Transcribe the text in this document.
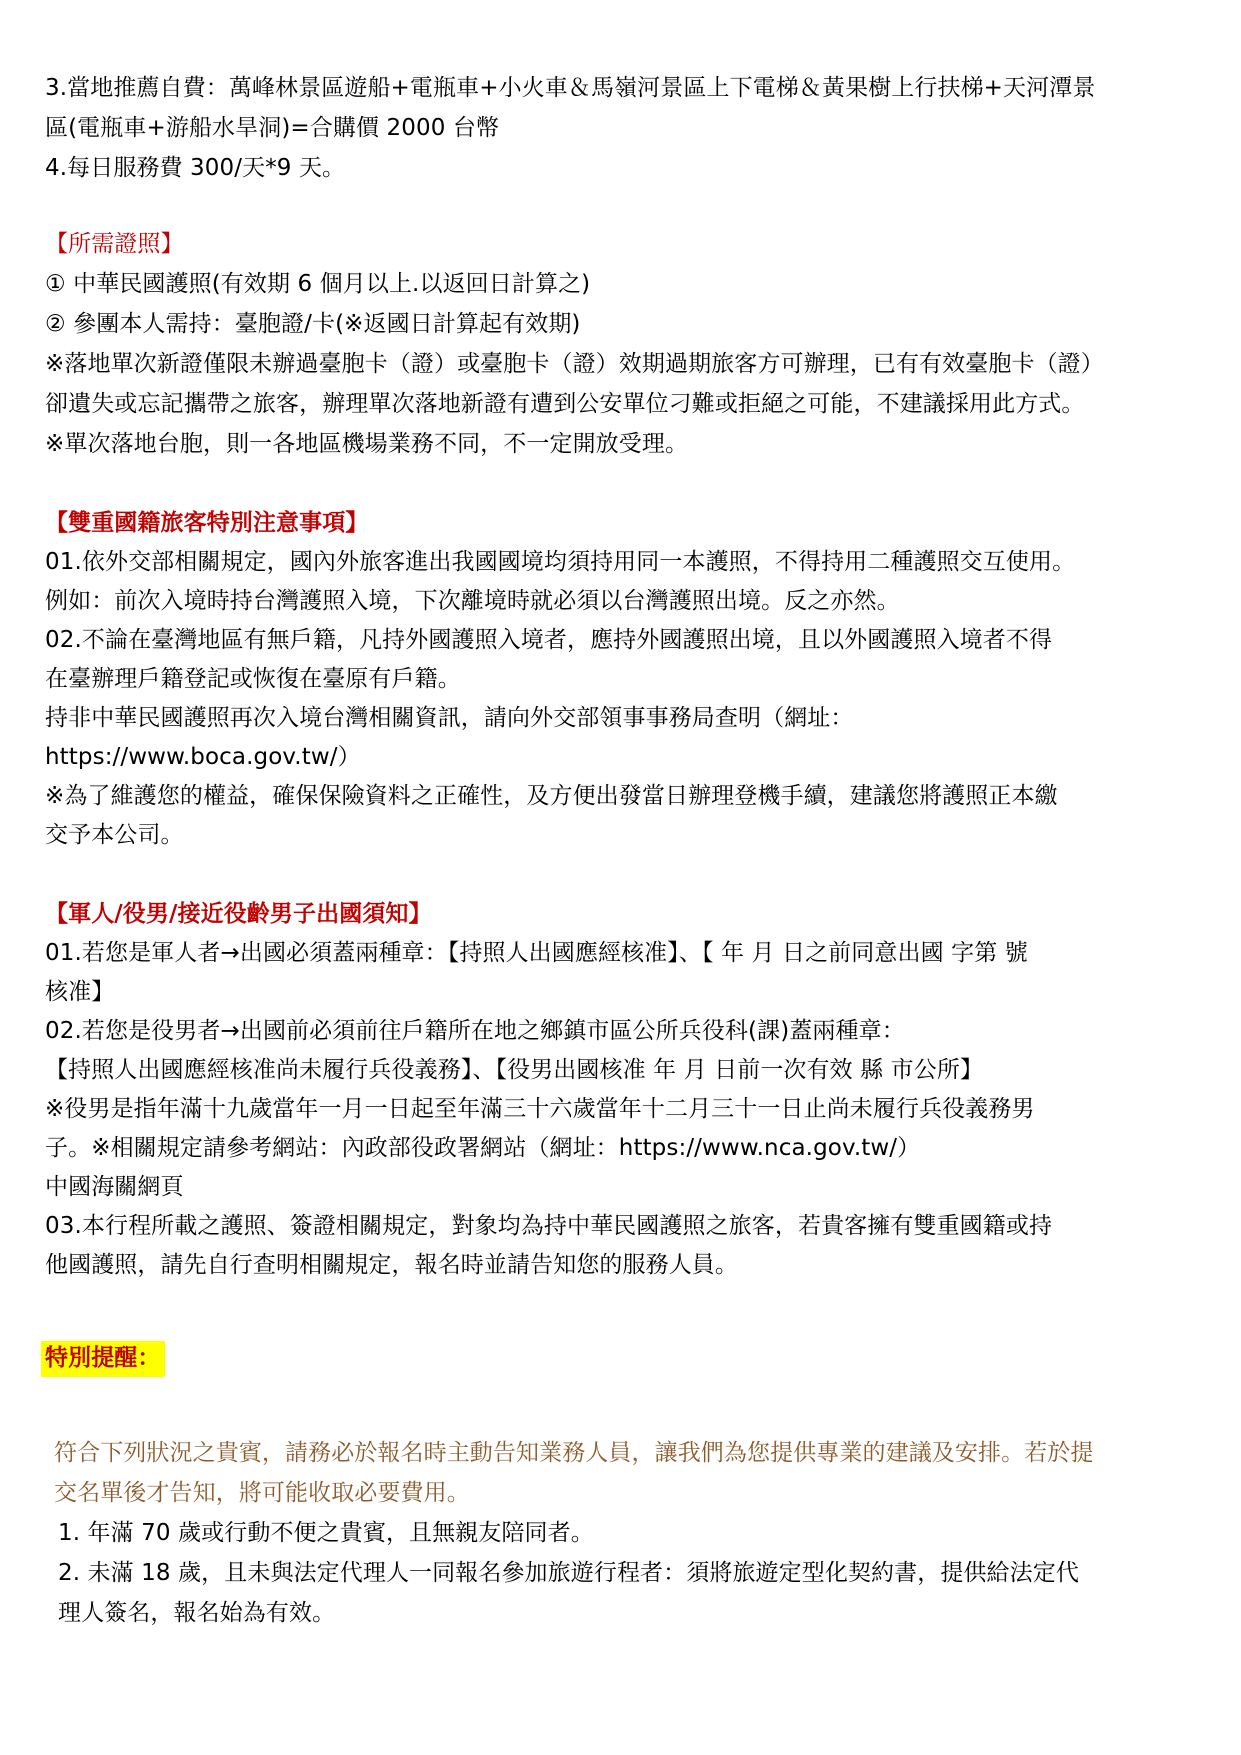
3.當地推薦自費：萬峰林景區遊船+電瓶車+小火車＆馬嶺河景區上下電梯＆黃果樹上行扶梯+天河潭景
區(電瓶車+游船水旱洞)=合購價 2000 台幣
4.每日服務費 300/天*9 天。
【所需證照】
① 中華民國護照(有效期 6 個月以上.以返回日計算之)
② 參團本人需持：臺胞證/卡(※返國日計算起有效期)
※落地單次新證僅限未辦過臺胞卡（證）或臺胞卡（證）效期過期旅客方可辦理，已有有效臺胞卡（證）
卻遺失或忘記攜帶之旅客，辦理單次落地新證有遭到公安單位刁難或拒絕之可能，不建議採用此方式。
※單次落地台胞，則一各地區機場業務不同，不一定開放受理。
【雙重國籍旅客特別注意事項】
01.依外交部相關規定，國內外旅客進出我國國境均須持用同一本護照，不得持用二種護照交互使用。
例如：前次入境時持台灣護照入境，下次離境時就必須以台灣護照出境。反之亦然。
02.不論在臺灣地區有無戶籍，凡持外國護照入境者，應持外國護照出境，且以外國護照入境者不得
在臺辦理戶籍登記或恢復在臺原有戶籍。
持非中華民國護照再次入境台灣相關資訊，請向外交部領事事務局查明（網址：
https://www.boca.gov.tw/）
※為了維護您的權益，確保保險資料之正確性，及方便出發當日辦理登機手續，建議您將護照正本繳
交予本公司。
【軍人/役男/接近役齡男子出國須知】
01.若您是軍人者→出國必須蓋兩種章：【持照人出國應經核准】、【 年 月 日之前同意出國 字第 號
核准】
02.若您是役男者→出國前必須前往戶籍所在地之鄉鎮市區公所兵役科(課)蓋兩種章：
【持照人出國應經核准尚未履行兵役義務】、【役男出國核准 年 月 日前一次有效 縣 市公所】
※役男是指年滿十九歲當年一月一日起至年滿三十六歲當年十二月三十一日止尚未履行兵役義務男
子。※相關規定請參考網站：內政部役政署網站（網址：https://www.nca.gov.tw/）
中國海關網頁
03.本行程所載之護照、簽證相關規定，對象均為持中華民國護照之旅客，若貴客擁有雙重國籍或持
他國護照，請先自行查明相關規定，報名時並請告知您的服務人員。
特別提醒：
符合下列狀況之貴賓，請務必於報名時主動告知業務人員，讓我們為您提供專業的建議及安排。若於提
交名單後才告知，將可能收取必要費用。
1. 年滿 70 歲或行動不便之貴賓，且無親友陪同者。
2. 未滿 18 歲，且未與法定代理人一同報名參加旅遊行程者：須將旅遊定型化契約書，提供給法定代
理人簽名，報名始為有效。
